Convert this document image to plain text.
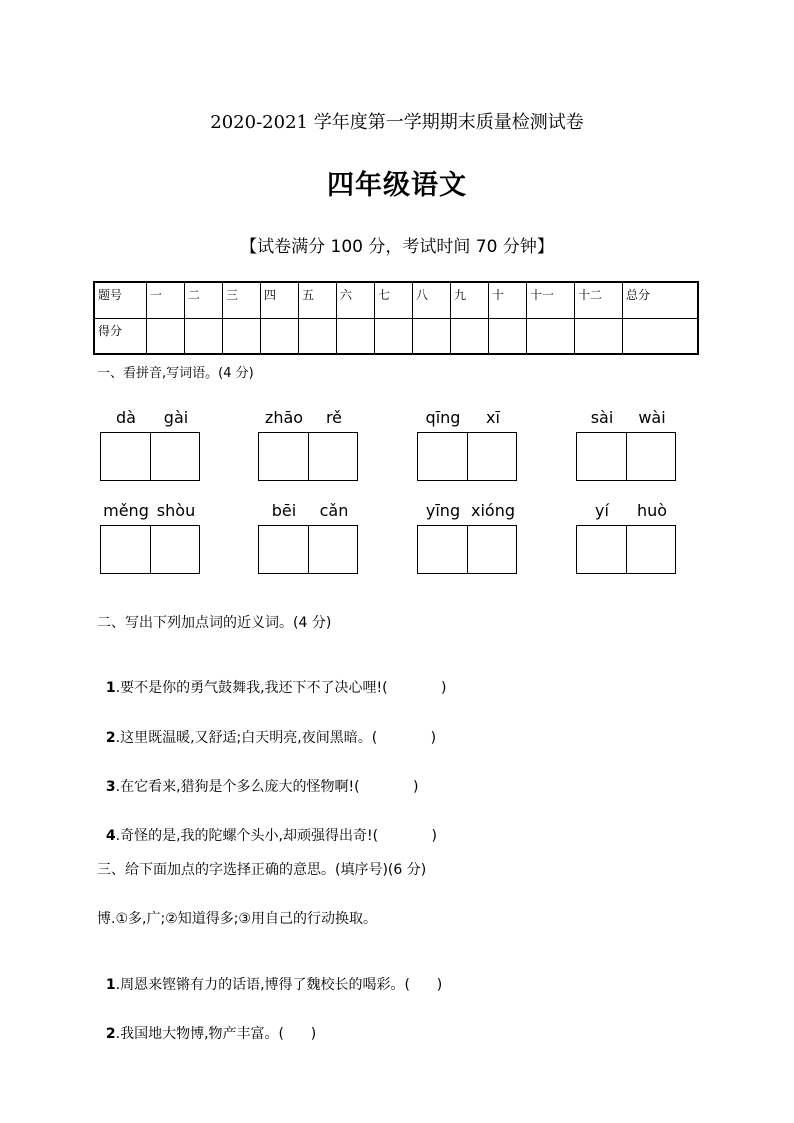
2020-2021 学年度第一学期期末质量检测试卷
四年级语文
【试卷满分 100 分，考试时间 70 分钟】
题号	一	二	三	四	五	六	七	八	九	十	十一	十二	总分
得分													
一、看拼音,写词语。(4 分)
dà	gài	zhāo	rě	qīng	xī	sài	wài
měng shòu	bēi	cǎn	yīng xióng	yí	huò
二、写出下列加点词的近义词。(4 分)

1.要不是你的勇气鼓舞我,我还下不了决心哩!(            )

2.这里既温暖,又舒适;白天明亮,夜间黑暗。(            )

3.在它看来,猎狗是个多么庞大的怪物啊!(            )

4.奇怪的是,我的陀螺个头小,却顽强得出奇!(            )

三、给下面加点的字选择正确的意思。(填序号)(6 分)
博.①多,广;②知道得多;③用自己的行动换取。

1.周恩来铿锵有力的话语,博得了魏校长的喝彩。(      )

2.我国地大物博,物产丰富。(      )
